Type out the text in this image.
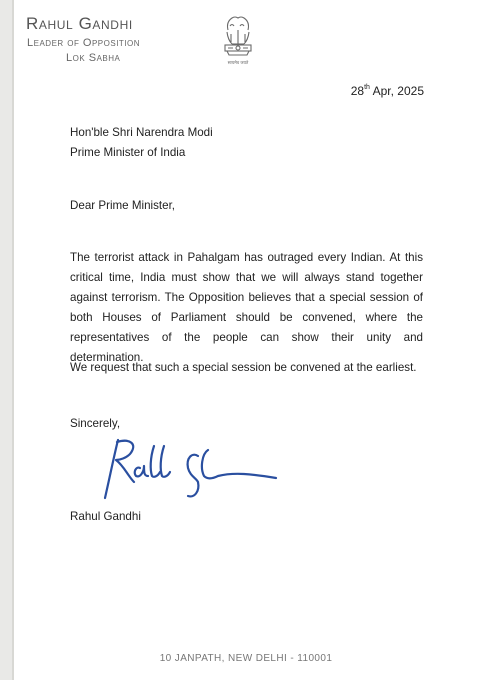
Rahul Gandhi
Leader of Opposition
Lok Sabha	सत्यमेव जयते
28th Apr, 2025
Hon'ble Shri Narendra Modi
Prime Minister of India
Dear Prime Minister,
The terrorist attack in Pahalgam has outraged every Indian. At this critical time, India must show that we will always stand together against terrorism. The Opposition believes that a special session of both Houses of Parliament should be convened, where the representatives of the people can show their unity and determination.
We request that such a special session be convened at the earliest.
Sincerely,
Rahul Gandhi
10 JANPATH, NEW DELHI - 110001
